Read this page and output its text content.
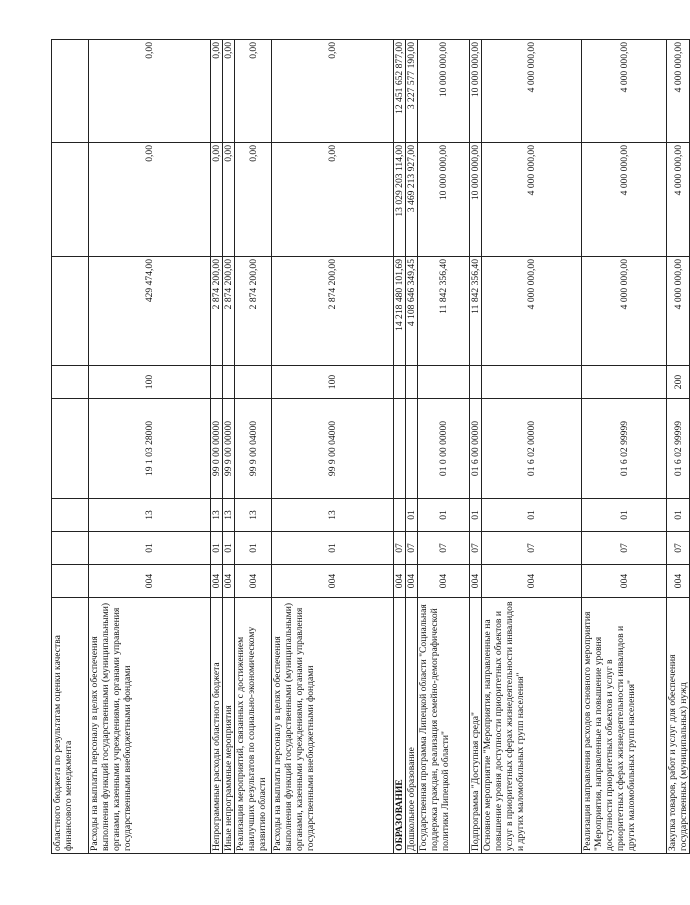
областного бюджета по результатам оценки качества финансового менеджмента								
Расходы на выплаты персоналу в целях обеспечения выполнения функций государственными (муниципальными) органами, казенными учреждениями, органами управления государственными внебюджетными фондами	004	01	13	19 1 03 28000	100	429 474,00	0,00	0,00
Непрограммные расходы областного бюджета	004	01	13	99 0 00 00000		2 874 200,00	0,00	0,00
Иные непрограммные мероприятия	004	01	13	99 9 00 00000		2 874 200,00	0,00	0,00
Реализация мероприятий, связанных с достижением наилучших результатов по социально-экономическому развитию области	004	01	13	99 9 00 04000		2 874 200,00	0,00	0,00
Расходы на выплаты персоналу в целях обеспечения выполнения функций государственными (муниципальными) органами, казенными учреждениями, органами управления государственными внебюджетными фондами	004	01	13	99 9 00 04000	100	2 874 200,00	0,00	0,00
ОБРАЗОВАНИЕ	004	07				14 218 480 101,69	13 029 203 114,00	12 451 652 877,00
Дошкольное образование	004	07	01			4 108 646 349,45	3 469 213 927,00	3 227 577 190,00
Государственная программа Липецкой области "Социальная поддержка граждан, реализация семейно-демографической политики Липецкой области"	004	07	01	01 0 00 00000		11 842 356,40	10 000 000,00	10 000 000,00
Подпрограмма "Доступная среда"	004	07	01	01 6 00 00000		11 842 356,40	10 000 000,00	10 000 000,00
Основное мероприятие "Мероприятия, направленные на повышение уровня доступности приоритетных объектов и услуг в приоритетных сферах жизнедеятельности инвалидов и других маломобильных групп населения"	004	07	01	01 6 02 00000		4 000 000,00	4 000 000,00	4 000 000,00
Реализация направления расходов основного мероприятия "Мероприятия, направленные на повышение уровня доступности приоритетных объектов и услуг в приоритетных сферах жизнедеятельности инвалидов и других маломобильных групп населения"	004	07	01	01 6 02 99999		4 000 000,00	4 000 000,00	4 000 000,00
Закупка товаров, работ и услуг для обеспечения государственных (муниципальных) нужд	004	07	01	01 6 02 99999	200	4 000 000,00	4 000 000,00	4 000 000,00
